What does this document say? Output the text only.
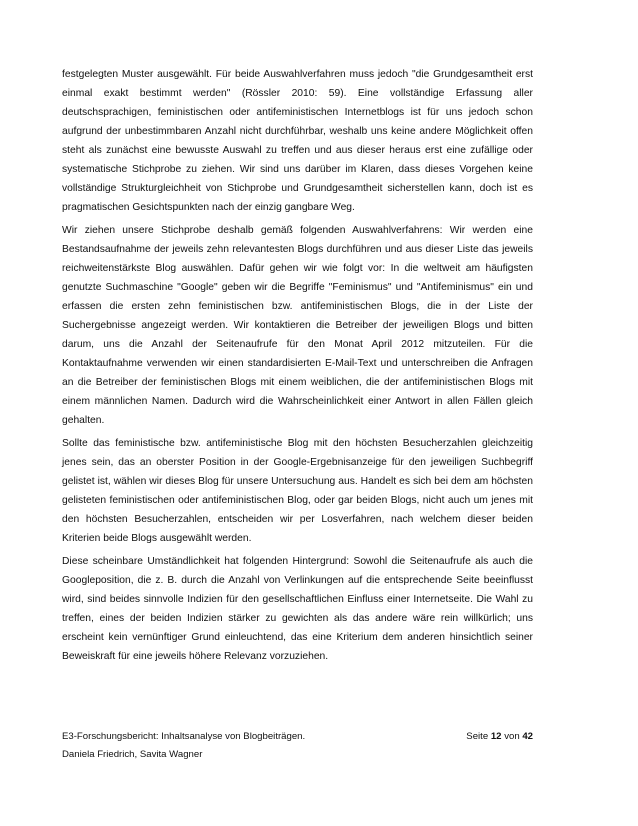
festgelegten Muster ausgewählt. Für beide Auswahlverfahren muss jedoch "die Grundgesamtheit erst einmal exakt bestimmt werden" (Rössler 2010: 59). Eine vollständige Erfassung aller deutschsprachigen, feministischen oder antifeministischen Internetblogs ist für uns jedoch schon aufgrund der unbestimmbaren Anzahl nicht durchführbar, weshalb uns keine andere Möglichkeit offen steht als zunächst eine bewusste Auswahl zu treffen und aus dieser heraus erst eine zufällige oder systematische Stichprobe zu ziehen. Wir sind uns darüber im Klaren, dass dieses Vorgehen keine vollständige Strukturgleichheit von Stichprobe und Grundgesamtheit sicherstellen kann, doch ist es pragmatischen Gesichtspunkten nach der einzig gangbare Weg.

Wir ziehen unsere Stichprobe deshalb gemäß folgenden Auswahlverfahrens: Wir werden eine Bestandsaufnahme der jeweils zehn relevantesten Blogs durchführen und aus dieser Liste das jeweils reichweitenstärkste Blog auswählen. Dafür gehen wir wie folgt vor: In die weltweit am häufigsten genutzte Suchmaschine "Google" geben wir die Begriffe "Feminismus" und "Antifeminismus" ein und erfassen die ersten zehn feministischen bzw. antifeministischen Blogs, die in der Liste der Suchergebnisse angezeigt werden. Wir kontaktieren die Betreiber der jeweiligen Blogs und bitten darum, uns die Anzahl der Seitenaufrufe für den Monat April 2012 mitzuteilen. Für die Kontaktaufnahme verwenden wir einen standardisierten E-Mail-Text und unterschreiben die Anfragen an die Betreiber der feministischen Blogs mit einem weiblichen, die der antifeministischen Blogs mit einem männlichen Namen. Dadurch wird die Wahrscheinlichkeit einer Antwort in allen Fällen gleich gehalten.

Sollte das feministische bzw. antifeministische Blog mit den höchsten Besucherzahlen gleichzeitig jenes sein, das an oberster Position in der Google-Ergebnisanzeige für den jeweiligen Suchbegriff gelistet ist, wählen wir dieses Blog für unsere Untersuchung aus. Handelt es sich bei dem am höchsten gelisteten feministischen oder antifeministischen Blog, oder gar beiden Blogs, nicht auch um jenes mit den höchsten Besucherzahlen, entscheiden wir per Losverfahren, nach welchem dieser beiden Kriterien beide Blogs ausgewählt werden.

Diese scheinbare Umständlichkeit hat folgenden Hintergrund: Sowohl die Seitenaufrufe als auch die Googleposition, die z. B. durch die Anzahl von Verlinkungen auf die entsprechende Seite beeinflusst wird, sind beides sinnvolle Indizien für den gesellschaftlichen Einfluss einer Internetseite. Die Wahl zu treffen, eines der beiden Indizien stärker zu gewichten als das andere wäre rein willkürlich; uns erscheint kein vernünftiger Grund einleuchtend, das eine Kriterium dem anderen hinsichtlich seiner Beweiskraft für eine jeweils höhere Relevanz vorzuziehen.

E3-Forschungsbericht: Inhaltsanalyse von Blogbeiträgen.	Seite 12 von 42
Daniela Friedrich, Savita Wagner
